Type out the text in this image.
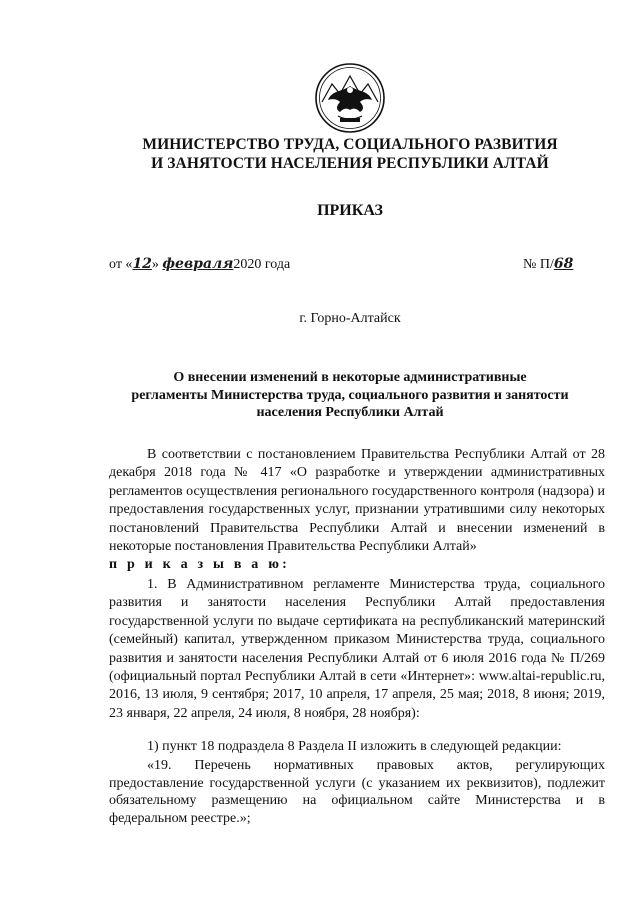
МИНИСТЕРСТВО ТРУДА, СОЦИАЛЬНОГО РАЗВИТИЯ
И ЗАНЯТОСТИ НАСЕЛЕНИЯ РЕСПУБЛИКИ АЛТАЙ
ПРИКАЗ
от «12» февраля2020 года	№ П/68
г. Горно-Алтайск
О внесении изменений в некоторые административные
регламенты Министерства труда, социального развития и занятости
населения Республики Алтай
В соответствии с постановлением Правительства Республики Алтай от 28 декабря 2018 года № 417 «О разработке и утверждении административных регламентов осуществления регионального государственного контроля (надзора) и предоставления государственных услуг, признании утратившими силу некоторых постановлений Правительства Республики Алтай и внесении изменений в некоторые постановления Правительства Республики Алтай»
п р и к а з ы в а ю:
1. В Административном регламенте Министерства труда, социального развития и занятости населения Республики Алтай предоставления государственной услуги по выдаче сертификата на республиканский материнский (семейный) капитал, утвержденном приказом Министерства труда, социального развития и занятости населения Республики Алтай от 6 июля 2016 года № П/269 (официальный портал Республики Алтай в сети «Интернет»: www.altai-republic.ru, 2016, 13 июля, 9 сентября; 2017, 10 апреля, 17 апреля, 25 мая; 2018, 8 июня; 2019, 23 января, 22 апреля, 24 июля, 8 ноября, 28 ноября):
1) пункт 18 подраздела 8 Раздела II изложить в следующей редакции:
«19. Перечень нормативных правовых актов, регулирующих предоставление государственной услуги (с указанием их реквизитов), подлежит обязательному размещению на официальном сайте Министерства и в федеральном реестре.»;
